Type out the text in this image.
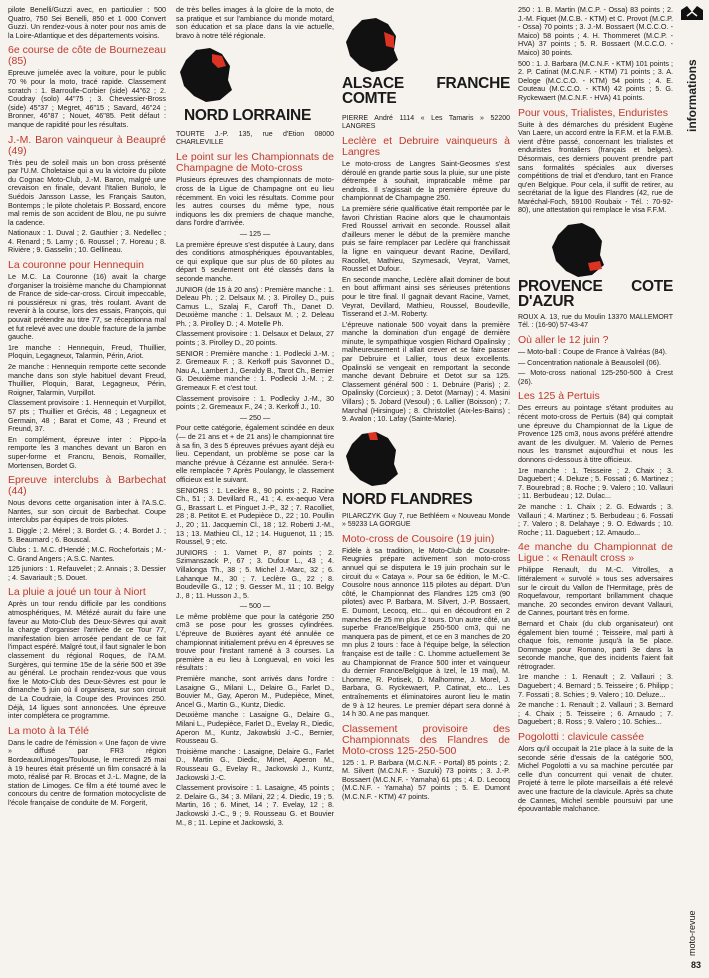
pilote Benelli/Guzzi avec, en particulier : 500 Quatro, 750 Sei Benelli, 850 et 1 000 Convert Guzzi. Un rendez-vous à noter pour nos amis de la Loire-Atlantique et des départements voisins.

6e course de côte de Bournezeau (85)

Epreuve jumelée avec la voiture, pour le public 70 % pour la moto, tracé rapide. Classement scratch : 1. Barroulle-Corbier (side) 44"62 ; 2. Coudray (solo) 44"75 ; 3. Chevessier-Bross (side) 45"37 ; Megret, 46"15 ; Savard, 46"24 ; Bronner, 46"87 ; Nouet, 46"85. Petit défaut : manque de rapidité pour les résultats.

J.-M. Baron vainqueur à Beaupré (49)

Très peu de soleil mais un bon cross présenté par l'U.M. Choletaise qui a vu la victoire du pilote du Cognac Moto-Club, J.-M. Baron, malgré une crevaison en finale, devant l'Italien Buriolo, le Suédois Jansson Lasse, les Français Sauton, Bontemps ; le pilote choletais P. Bossard, encore mal remis de son accident de Blou, ne pu suivre la cadence.

Nationaux : 1. Duval ; 2. Gauthier ; 3. Nedellec ; 4. Renard ; 5. Lamy ; 6. Roussel ; 7. Horeau ; 8. Rivière ; 9. Gasselin ; 10. Gellineau.

La couronne pour Hennequin

Le M.C. La Couronne (16) avait la charge d'organiser la troisième manche du Championnat de France de side-car-cross. Circuit impeccable, ni poussiéreux ni gras, très roulant. Avant de revenir à la course, lors des essais, François, qui pouvait prétendre au titre 77, se réceptionna mal et fut relevé avec une double fracture de la jambe gauche.

1re manche : Hennequin, Freud, Thuillier, Ploquin, Legagneux, Talarmin, Périn, Ariot.

2e manche : Hennequin remporte cette seconde manche dans son style habituel devant Freud, Thuillier, Ploquin, Barat, Legagneux, Périn, Roigner, Talarmin, Vurpillot.

Classement provisoire : 1. Hennequin et Vurpillot, 57 pts ; Thuillier et Grécis, 48 ; Legagneux et Germain, 48 ; Barat et Come, 43 ; Freund et Freund, 37.

En complément, épreuve inter : Pippo-la remporte les 3 manches devant un Baron en super-forme et Francru, Benois, Romailler, Mortensen, Bordet G.

Epreuve interclubs à Barbechat (44)

Nous devons cette organisation inter à l'A.S.C. Nantes, sur son circuit de Barbechat. Coupe interclubs par équipes de trois pilotes.

1. Diggle ; 2. Mérel ; 3. Bordet G. ; 4. Bordet J. ; 5. Beaumard ; 6. Bouscal.

Clubs : 1. M.C. d'Hendé ; M.C. Rochefortais ; M.-C. Grand Angers ; A.S.C. Nantes.

125 juniors : 1. Refauvelet ; 2. Annais ; 3. Dessier ; 4. Savariault ; 5. Douet.

La pluie a joué un tour à Niort

Après un tour rendu difficile par les conditions atmosphériques, M. Métézé aurait du faire une faveur au Moto-Club des Deux-Sèvres qui avait la charge d'organiser l'arrivée de ce Tour 77, manifestation bien arrosée pendant de ce fait l'impact espéré. Malgré tout, il faut signaler le bon classement du régional Roques, de l'A.M. Surgères, qui termine 15e de la série 500 et 39e au général. Le prochain rendez-vous que vous fixe le Moto-Club des Deux-Sèvres est pour le dimanche 5 juin où il organisera, sur son circuit de La Coudraie, la Coupe des Provinces 250. Déjà, 14 ligues sont annoncées. Une épreuve inter complétera ce programme.

La moto à la Télé

Dans le cadre de l'émission « Une façon de vivre » diffusé par FR3 région Bordeaux/Limoges/Toulouse, le mercredi 25 mai à 19 heures était présenté un film consacré à la moto, réalisé par R. Brocas et J.-L. Magne, de la station de Limoges. Ce film a été tourné avec le concours du centre de formation motocycliste de l'école française de conduite de M. Forgerit,

de très belles images à la gloire de la moto, de sa pratique et sur l'ambiance du monde motard, son éducation et sa place dans la vie actuelle, bravo à notre télé régionale.

NORD LORRAINE
TOURTE J.-P. 135, rue d'Etion 08000 CHARLEVILLE
Le point sur les Championnats de Champagne de Moto-cross

Plusieurs épreuves des championnats de moto-cross de la Ligue de Champagne ont eu lieu récemment. En voici les résultats. Comme pour les autres courses du même type, nous indiquons les dix premiers de chaque manche, dans l'ordre d'arrivée.

— 125 —

La première épreuve s'est disputée à Laury, dans des conditions atmosphériques épouvantables, ce qui explique que sur plus de 60 pilotes au départ 5 seulement ont été classés dans la seconde manche.

JUNIOR (de 15 à 20 ans) : Première manche : 1. Deleau Ph. ; 2. Delsaux M. ; 3. Pirolley D., puis Camus L., Szalaj F., Caroff Th., Danet D. Deuxième manche : 1. Delsaux M. ; 2. Deleau Ph. ; 3. Pirolley D. ; 4. Motelle Ph.

Classement provisoire : 1. Delsaux et Delaux, 27 points ; 3. Pirolley D., 20 points.

SENIOR : Première manche : 1. Podlecki J.-M. ; 2. Gremeaux F. ; 3. Kerkoff puis Savonnet D., Nau A., Lambert J., Geraldy B., Tarot Ch., Bernier G. Deuxième manche : 1. Podlecki J.-M. ; 2. Gremeaux F. et c'est tout.

Classement provisoire : 1. Podlecky J.-M., 30 points ; 2. Gremeaux F., 24 ; 3. Kerkoff J., 10.

— 250 —

Pour cette catégorie, également scindée en deux (— de 21 ans et + de 21 ans) le championnat tire à sa fin, 3 des 5 épreuves prévues ayant déjà eu lieu. Cependant, un problème se pose car la manche prévue à Cézanne est annulée. Sera-t-elle remplacée ? Après Poulangy, le classement officieux est le suivant.

SENIORS : 1. Leclère 8., 90 points ; 2. Racine Ch., 51 ; 3. Devillard R., 41 ; 4. ex-aequo Vera G., Brassart L. et Pinguet J.-P., 32 ; 7. Racolliet, 28 ; 8. Petitot E. et Pudepièce D., 22 ; 10. Poullin J., 20 ; 11. Jacquemin Cl., 18 ; 12. Roberti J.-M., 13 ; 13. Mathieu Cl., 12 ; 14. Huguenot, 11 ; 15. Roussel, 9 ; etc.

JUNIORS : 1. Varnet P., 87 points ; 2. Szimanszack P., 67 ; 3. Dufour L., 43 ; 4. Villalonga Th., 38 ; 5. Michel J.-Marc, 32 ; 6. Lahanque M., 30 ; 7. Leclère G., 22 ; 8. Boudeville G., 12 ; 9. Gesser M., 11 ; 10. Belgy J., 8 ; 11. Husson J., 5.

— 500 —

Le même problème que pour la catégorie 250 cm3 se pose pour les grosses cylindrées. L'épreuve de Buxières ayant été annulée ce championnat initialement prévu en 4 épreuves se trouve pour l'instant ramené à 3 courses. La première a eu lieu à Longueval, en voici les résultats :

Première manche, sont arrivés dans l'ordre : Lasaigne G., Milani L., Delaire G., Farlet D., Bouvier M., Gay, Aperon M., Pudepièce, Minet, Ancel G., Martin G., Kuntz, Diedic.

Deuxième manche : Lasaigne G., Delaire G., Milani L., Pudepièce, Farlet D., Evelay R., Diedic, Aperon M., Kuntz, Jakowbski J.-C., Bernier, Rousseau G.

Troisième manche : Lasaigne, Delaire G., Farlet D., Martin G., Diedic, Minet, Aperon M., Rousseau G., Evelay R., Jackowski J., Kuntz, Jackowski J.-C.

Classement provisoire : 1. Lasaigne, 45 points ; 2. Delaire G., 34 ; 3. Milani, 22 ; 4. Diedic, 19 ; 5. Martin, 16 ; 6. Minet, 14 ; 7. Evelay, 12 ; 8. Jackowski J.-C., 9 ; 9. Rousseau G. et Bouvier M., 8 ; 11. Lepine et Jackowski, 3.

ALSACE FRANCHE COMTE
PIERRE André 1114 « Les Tamaris » 52200 LANGRES
Leclère et Debruire vainqueurs à Langres

Le moto-cross de Langres Saint-Geosmes s'est déroulé en grande partie sous la pluie, sur une piste détrempée à souhait, impraticable même par endroits. Il s'agissait de la première épreuve du championnat de Champagne 250.

La première série qualificative était remportée par le favori Christian Racine alors que le chaumontais Fred Roussel arrivait en seconde. Roussel allait d'ailleurs mener le début de la première manche puis se faire remplacer par Leclère qui franchissait la ligne en vainqueur devant Racine, Devillard, Racollet, Mathieu, Szymesack, Veyrat, Varnet, Roussel et Dufour.

En seconde manche, Leclère allait dominer de bout en bout affirmant ainsi ses sérieuses prétentions pour le titre final. Il gagnait devant Racine, Varnet, Veyrat, Devillard, Mathieu, Roussel, Boudeville, Tisserand et J.-M. Roberty.

L'épreuve nationale 500 voyait dans la première manche la domination d'un engagé de dernière minute, le sympathique vosgien Richard Opalinsky ; malheureusement il allait crever et se faire passer par Debruire et Lallier, tous deux excellents. Opalinski se vengeait en remportant la seconde manche devant Debruire et Detot sur sa 125. Classement général 500 : 1. Debruire (Paris) ; 2. Opalinsky (Corcieux) ; 3. Detot (Marnay) ; 4. Masini Villars) ; 5. Jobard (Vesoul) ; 6. Lallier (Boisson) ; 7. Marchal (Hirsingue) ; 8. Christollet (Aix-les-Bains) ; 9. Avalon ; 10. Lafay (Sainte-Marie).

NORD FLANDRES
PILARCZYK Guy 7, rue Bethléem « Nouveau Monde » 59233 LA GORGUE
Moto-cross de Cousoire (19 juin)

Fidèle à sa tradition, le Moto-Club de Cousolre-Reugnies prépare activement son moto-cross annuel qui se disputera le 19 juin prochain sur le circuit du « Cataya ». Pour sa 6e édition, le M.-C. Cousolre nous annonce 115 pilotes au départ. D'un côté, le Championnat des Flandres 125 cm3 (90 pilotes) avec P. Barbara, M. Silvert, J.-P. Bossaert, E. Dumont, Lecocq, etc... qui en découdront en 2 manches de 25 mn plus 2 tours. D'un autre côté, un superbe France/Belgique 250-500 cm3, qui ne manquera pas de piment, et ce en 3 manches de 20 mn plus 2 tours : face à l'équipe belge, la sélection française est de taille : C. Lhomme actuellement 3e au Championnat de France 500 inter et vainqueur du dernier France/Belgique à Izel, le 19 mai), M. Lhomme, R. Potisek, D. Malhomme, J. Morel, J. Barbara, G. Ryckewaert, P. Catinat, etc... Les entraînements et éliminatoires auront lieu le matin de 9 à 12 heures. Le premier départ sera donné à 14 h 30. A ne pas manquer.

Classement provisoire des Championnats des Flandres de Moto-cross 125-250-500

125 : 1. P. Barbara (M.C.N.F. - Portal) 85 points ; 2. M. Silvert (M.C.N.F. - Suzuki) 73 points ; 3. J.-P. Bossaert (M.C.N.F. - Yamaha) 61 pts ; 4. D. Lecocq (M.C.N.F. - Yamaha) 57 points ; 5. E. Dumont (M.C.N.F. - KTM) 47 points.

250 : 1. B. Martin (M.C.P. - Ossa) 83 points ; 2. J.-M. Fiquet (M.C.B. - KTM) et C. Provot (M.C.P. - Ossa) 70 points ; 3. J.-M. Bossaert (M.C.C.O. - Maico) 58 points ; 4. H. Thommeret (M.C.P. - HVA) 37 points ; 5. R. Bossaert (M.C.C.O. - Maico) 30 points.

500 : 1. J. Barbara (M.C.N.F. - KTM) 101 points ; 2. P. Catinat (M.C.N.F. - KTM) 71 points ; 3. A. Deloge (M.C.C.O. - KTM) 54 points ; 4. E. Couteau (M.C.C.O. - KTM) 42 points ; 5. G. Ryckewaert (M.C.N.F. - HVA) 41 points.

Pour vous, Trialistes, Enduristes

Suite à des démarches du président Eugène Van Laere, un accord entre la F.F.M. et la F.M.B. vient d'être passé, concernant les trialistes et enduristes frontaliers (français et belges). Désormais, ces derniers pouvent prendre part sans formalités spéciales aux diverses compétitions de trial et d'enduro, tant en France qu'en Belgique. Pour cela, il suffit de retirer, au secrétariat de la ligue des Flandres (42, rue de Maréchal-Foch, 59100 Roubaix - Tél. : 70-92-80), une attestation qui remplace le visa F.F.M.

PROVENCE COTE D'AZUR
ROUX A. 13, rue du Moulin 13370 MALLEMORT Tél. : (16-90) 57-43-47
Où aller le 12 juin ?

— Moto-ball : Coupe de France à Valréas (84).

— Concentration nationale à Beausoleil (06).

— Moto-cross national 125-250-500 à Crest (26).

Les 125 à Pertuis

Des erreurs au pointage s'étant produites au récent moto-cross de Pertuis (84) qui comptait une épreuve du Championnat de la Ligue de Provence 125 cm3, nous avons préféré attendre avant de les divulguer. M. Valerio de Pernes nous les transmet aujourd'hui et nous les donnons ci-dessous à titre officieux.

1re manche : 1. Teisseire ; 2. Chaix ; 3. Daguebert ; 4. Deluze ; 5. Fossati ; 6. Martinez ; 7. Bourebrad ; 8. Roche ; 9. Valero ; 10. Vallauri ; 11. Berbudeau ; 12. Dulac...

2e manche : 1. Chaix ; 2. G. Edwards ; 3. Vallauri ; 4. Martinez ; 5. Berbudeau ; 6. Fossati ; 7. Valero ; 8. Delahaye ; 9. O. Edwards ; 10. Roche ; 11. Daguebert ; 12. Amaudo...

4e manche du Championnat de Ligue : « Renault cross »

Philippe Renault, du M.-C. Vitrolles, a littéralement « survolé » tous ses adversaires sur le circuit du Vallon de l'Hermitage, près de Roquefavour, remportant brillamment chaque manche. 20 secondes environ devant Vallauri, de Cannes, pourtant très en forme.

Bernard et Chaix (du club organisateur) ont également bien tourné ; Teisseire, mal parti à chaque fois, remonte jusqu'à la 5e place. Dommage pour Romano, parti 3e dans la seconde manche, que des incidents l'aient fait rétrograder.

1re manche : 1. Renault ; 2. Vallauri ; 3. Daguebert ; 4. Bernard ; 5. Teisseire ; 6. Philipp ; 7. Fossati ; 8. Schies ; 9. Valero ; 10. Deluze...

2e manche : 1. Renault ; 2. Vallauri ; 3. Bernard ; 4. Chaix ; 5. Teisseire ; 6. Arnaudo ; 7. Daguebert ; 8. Ross ; 9. Valero ; 10. Schies...

Pogolotti : clavicule cassée

Alors qu'il occupait la 21e place à la suite de la seconde série d'essais de la catégorie 500, Michel Pogolotti a vu sa machine percutée par celle d'un concurrent qui venait de chuter. Projeté à terre le pilote marseillais a été relevé avec une fracture de la clavicule. Après sa chute de Cannes, Michel semble poursuivi par une épouvantable malchance.

informations
moto-revue
83
